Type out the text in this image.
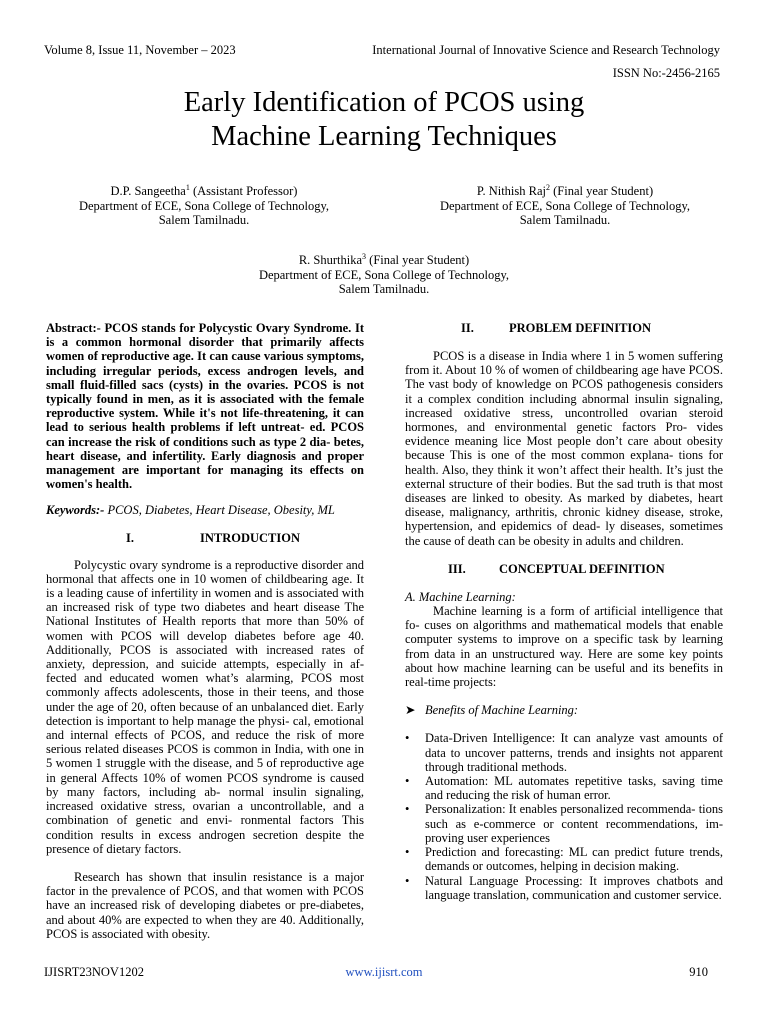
Volume 8, Issue 11, November – 2023	International Journal of Innovative Science and Research Technology
ISSN No:-2456-2165
Early Identification of PCOS using
Machine Learning Techniques
D.P. Sangeetha$^1$ (Assistant Professor)
Department of ECE, Sona College of Technology,
Salem Tamilnadu.
P. Nithish Raj$^2$ (Final year Student)
Department of ECE, Sona College of Technology,
Salem Tamilnadu.
R. Shurthika$^3$ (Final year Student)
Department of ECE, Sona College of Technology,
Salem Tamilnadu.

Abstract:- PCOS stands for Polycystic Ovary Syndrome. It is a common hormonal disorder that primarily affects women of reproductive age. It can cause various symptoms, including irregular periods, excess androgen levels, and small fluid-filled sacs (cysts) in the ovaries. PCOS is not typically found in men, as it is associated with the female reproductive system. While it's not life-threatening, it can lead to serious health problems if left untreat- ed. PCOS can increase the risk of conditions such as type 2 dia- betes, heart disease, and infertility. Early diagnosis and proper management are important for managing its effects on women's health.

Keywords:- PCOS, Diabetes, Heart Disease, Obesity, ML

I.	INTRODUCTION

Polycystic ovary syndrome is a reproductive disorder and hormonal that affects one in 10 women of childbearing age. It is a leading cause of infertility in women and is associated with an increased risk of type two diabetes and heart disease The National Institutes of Health reports that more than 50% of women with PCOS will develop diabetes before age 40. Additionally, PCOS is associated with increased rates of anxiety, depression, and suicide attempts, especially in af- fected and educated women what’s alarming, PCOS most commonly affects adolescents, those in their teens, and those under the age of 20, often because of an unbalanced diet. Early detection is important to help manage the physi- cal, emotional and internal effects of PCOS, and reduce the risk of more serious related diseases PCOS is common in India, with one in 5 women 1 struggle with the disease, and 5 of reproductive age in general Affects 10% of women PCOS syndrome is caused by many factors, including ab- normal insulin signaling, increased oxidative stress, ovarian a uncontrollable, and a combination of genetic and envi- ronmental factors This condition results in excess androgen secretion despite the presence of dietary factors.

Research has shown that insulin resistance is a major factor in the prevalence of PCOS, and that women with PCOS have an increased risk of developing diabetes or pre-diabetes, and about 40% are expected to when they are 40. Additionally, PCOS is associated with obesity.

II.	PROBLEM DEFINITION

PCOS is a disease in India where 1 in 5 women suffering from it. About 10 % of women of childbearing age have PCOS. The vast body of knowledge on PCOS pathogenesis considers it a complex condition including abnormal insulin signaling, increased oxidative stress, uncontrolled ovarian steroid hormones, and environmental genetic factors Pro- vides evidence meaning lice Most people don’t care about obesity because This is one of the most common explana- tions for health. Also, they think it won’t affect their health. It’s just the external structure of their bodies. But the sad truth is that most diseases are linked to obesity. As marked by diabetes, heart disease, malignancy, arthritis, chronic kidney disease, stroke, hypertension, and epidemics of dead- ly diseases, sometimes the cause of death can be obesity in adults and children.

III.	CONCEPTUAL DEFINITION

A. Machine Learning:

Machine learning is a form of artificial intelligence that fo- cuses on algorithms and mathematical models that enable computer systems to improve on a specific task by learning from data in an unstructured way. Here are some key points about how machine learning can be useful and its benefits in real-time projects:

➤ Benefits of Machine Learning:

• Data-Driven Intelligence: It can analyze vast amounts of data to uncover patterns, trends and insights not apparent through traditional methods.
• Automation: ML automates repetitive tasks, saving time and reducing the risk of human error.
• Personalization: It enables personalized recommenda- tions such as e-commerce or content recommendations, im- proving user experiences
• Prediction and forecasting: ML can predict future trends, demands or outcomes, helping in decision making.
• Natural Language Processing: It improves chatbots and language translation, communication and customer service.
IJISRT23NOV1202	www.ijisrt.com	910
